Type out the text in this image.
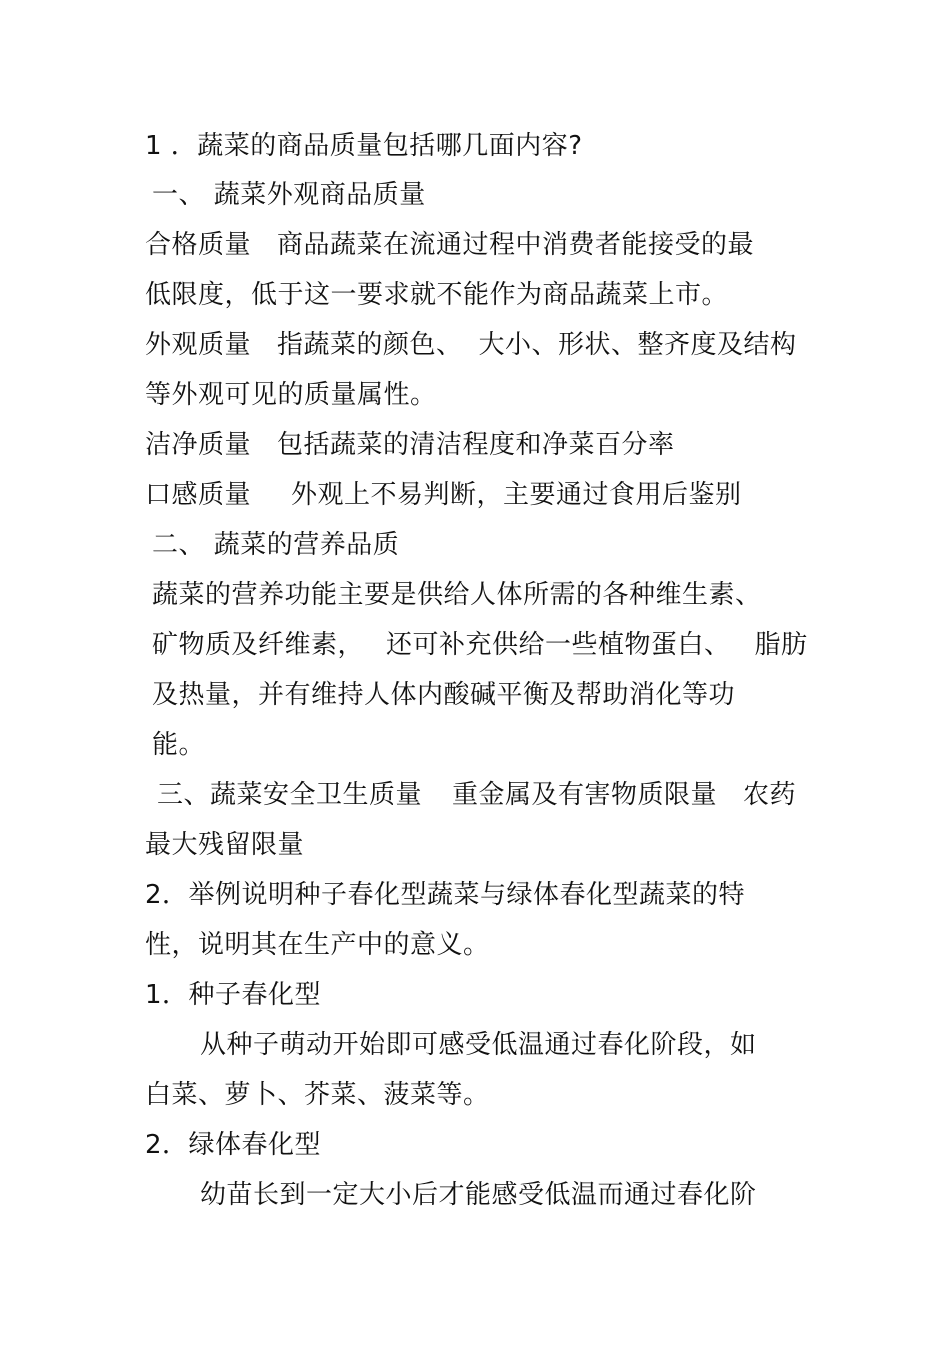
1 ．蔬菜的商品质量包括哪几面内容?
一、 蔬菜外观商品质量
合格质量 商品蔬菜在流通过程中消费者能接受的最
低限度，低于这一要求就不能作为商品蔬菜上市。
外观质量 指蔬菜的颜色、 大小、形状、整齐度及结构
等外观可见的质量属性。
洁净质量 包括蔬菜的清洁程度和净菜百分率
口感质量 外观上不易判断，主要通过食用后鉴别
二、 蔬菜的营养品质
蔬菜的营养功能主要是供给人体所需的各种维生素、
矿物质及纤维素， 还可补充供给一些植物蛋白、 脂肪
及热量，并有维持人体内酸碱平衡及帮助消化等功
能。
三、蔬菜安全卫生质量 重金属及有害物质限量 农药
最大残留限量
2．举例说明种子春化型蔬菜与绿体春化型蔬菜的特
性，说明其在生产中的意义。
1．种子春化型
从种子萌动开始即可感受低温通过春化阶段，如
白菜、萝卜、芥菜、菠菜等。
2．绿体春化型
幼苗长到一定大小后才能感受低温而通过春化阶
